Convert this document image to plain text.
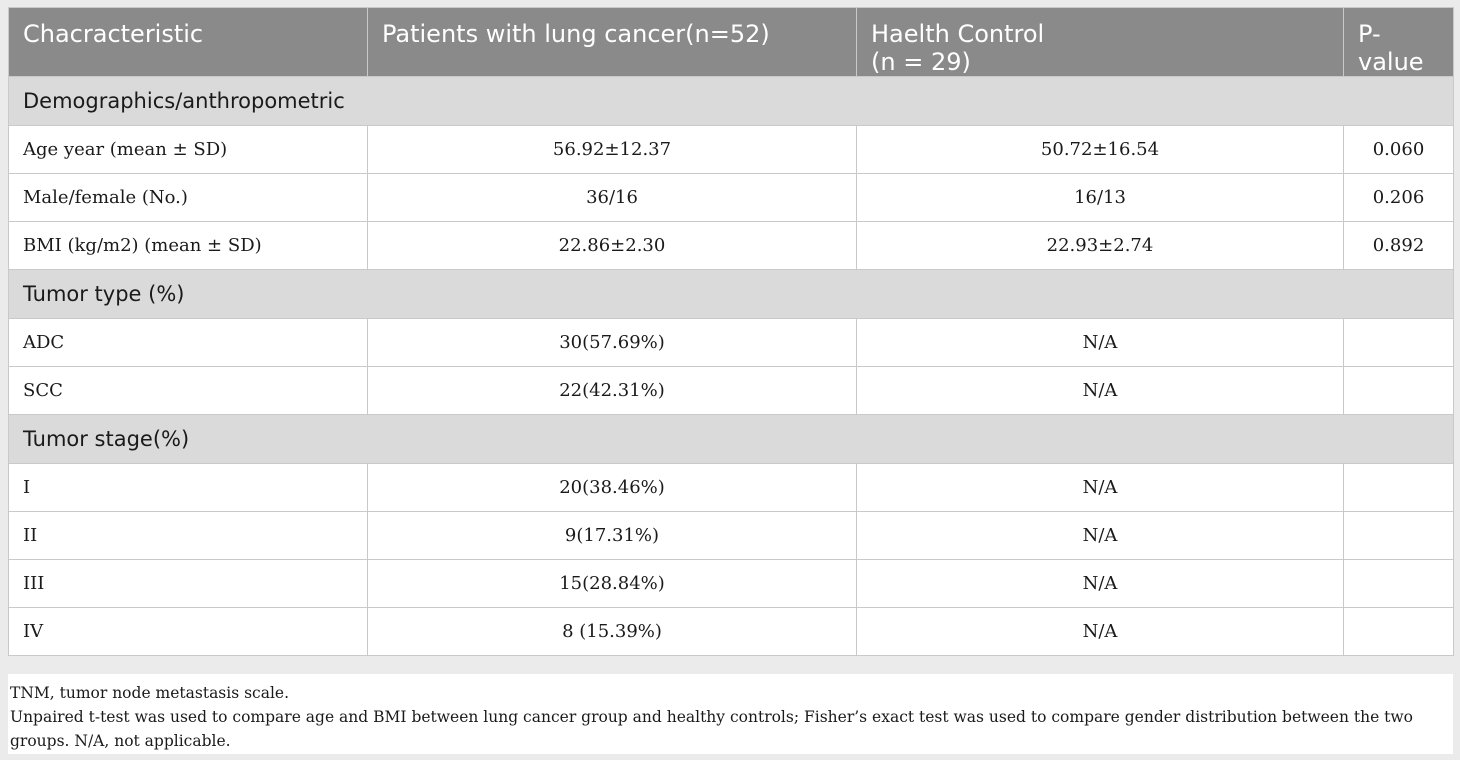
Chacracteristic	Patients with lung cancer(n=52)	Haelth Control
(n = 29)	P-value
Demographics/anthropometric			
Age year (mean ± SD)	56.92±12.37	50.72±16.54	0.060
Male/female (No.)	36/16	16/13	0.206
BMI (kg/m2) (mean ± SD)	22.86±2.30	22.93±2.74	0.892
Tumor type (%)			
ADC	30(57.69%)	N/A	
SCC	22(42.31%)	N/A	
Tumor stage(%)			
I	20(38.46%)	N/A	
II	9(17.31%)	N/A	
III	15(28.84%)	N/A	
IV	8 (15.39%)	N/A	

TNM, tumor node metastasis scale.

Unpaired t-test was used to compare age and BMI between lung cancer group and healthy controls; Fisher’s exact test was used to compare gender distribution between the two groups. N/A, not applicable.
